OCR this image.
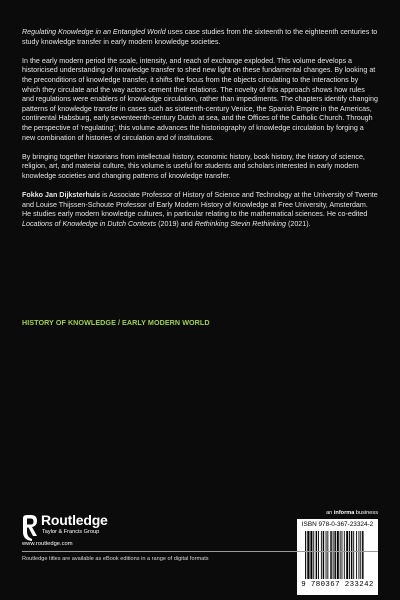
Regulating Knowledge in an Entangled World uses case studies from the sixteenth to the eighteenth centuries to study knowledge transfer in early modern knowledge societies.

In the early modern period the scale, intensity, and reach of exchange exploded. This volume develops a historicised understanding of knowledge transfer to shed new light on these fundamental changes. By looking at the preconditions of knowledge transfer, it shifts the focus from the objects circulating to the interactions by which they circulate and the way actors cement their relations. The novelty of this approach shows how rules and regulations were enablers of knowledge circulation, rather than impediments. The chapters identify changing patterns of knowledge transfer in cases such as sixteenth-century Venice, the Spanish Empire in the Americas, continental Habsburg, early seventeenth-century Dutch at sea, and the Offices of the Catholic Church. Through the perspective of ‘regulating’, this volume advances the historiography of knowledge circulation by forging a new combination of histories of circulation and of institutions.

By bringing together historians from intellectual history, economic history, book history, the history of science, religion, art, and material culture, this volume is useful for students and scholars interested in early modern knowledge societies and changing patterns of knowledge transfer.

Fokko Jan Dijksterhuis is Associate Professor of History of Science and Technology at the University of Twente and Louise Thijssen-Schoute Professor of Early Modern History of Knowledge at Free University, Amsterdam. He studies early modern knowledge cultures, in particular relating to the mathematical sciences. He co-edited Locations of Knowledge in Dutch Contexts (2019) and Rethinking Stevin Rethinking (2021).

HISTORY OF KNOWLEDGE / EARLY MODERN WORLD
an informa business
Routledge
Taylor & Francis Group
www.routledge.com
ISBN 978-0-367-23324-2
9 780367 233242
Routledge titles are available as eBook editions in a range of digital formats
